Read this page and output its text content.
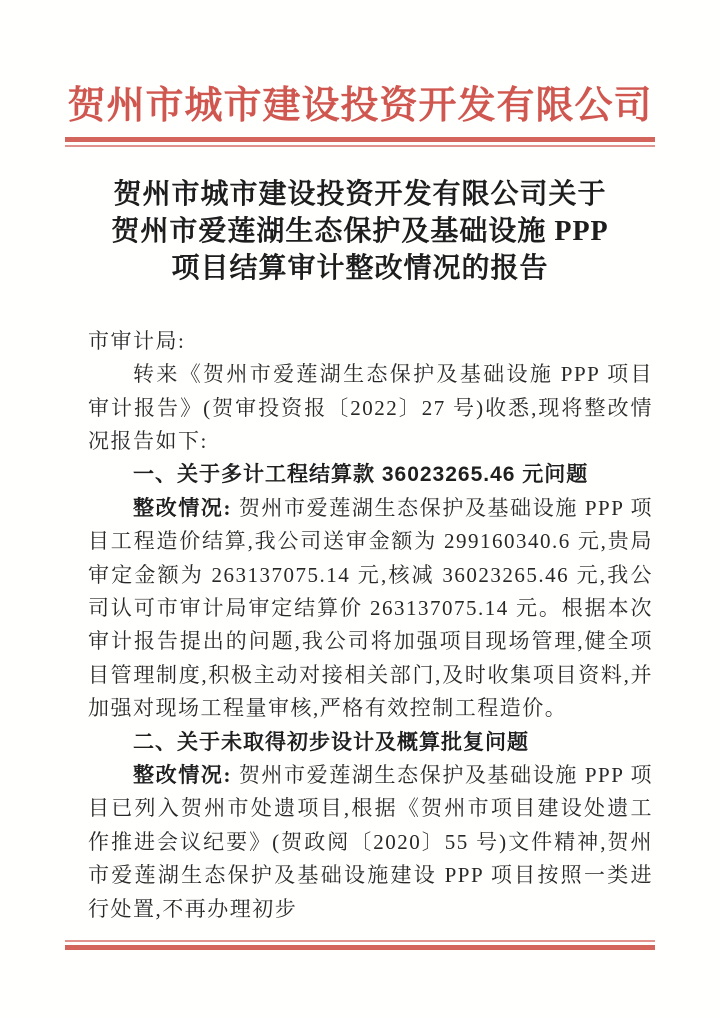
贺州市城市建设投资开发有限公司
贺州市城市建设投资开发有限公司关于
贺州市爱莲湖生态保护及基础设施 PPP
项目结算审计整改情况的报告

市审计局:

转来《贺州市爱莲湖生态保护及基础设施 PPP 项目审计报告》(贺审投资报〔2022〕27 号)收悉,现将整改情况报告如下:

一、关于多计工程结算款 36023265.46 元问题

整改情况: 贺州市爱莲湖生态保护及基础设施 PPP 项目工程造价结算,我公司送审金额为 299160340.6 元,贵局审定金额为 263137075.14 元,核减 36023265.46 元,我公司认可市审计局审定结算价 263137075.14 元。根据本次审计报告提出的问题,我公司将加强项目现场管理,健全项目管理制度,积极主动对接相关部门,及时收集项目资料,并加强对现场工程量审核,严格有效控制工程造价。

二、关于未取得初步设计及概算批复问题

整改情况: 贺州市爱莲湖生态保护及基础设施 PPP 项目已列入贺州市处遗项目,根据《贺州市项目建设处遗工作推进会议纪要》(贺政阅〔2020〕55 号)文件精神,贺州市爱莲湖生态保护及基础设施建设 PPP 项目按照一类进行处置,不再办理初步
